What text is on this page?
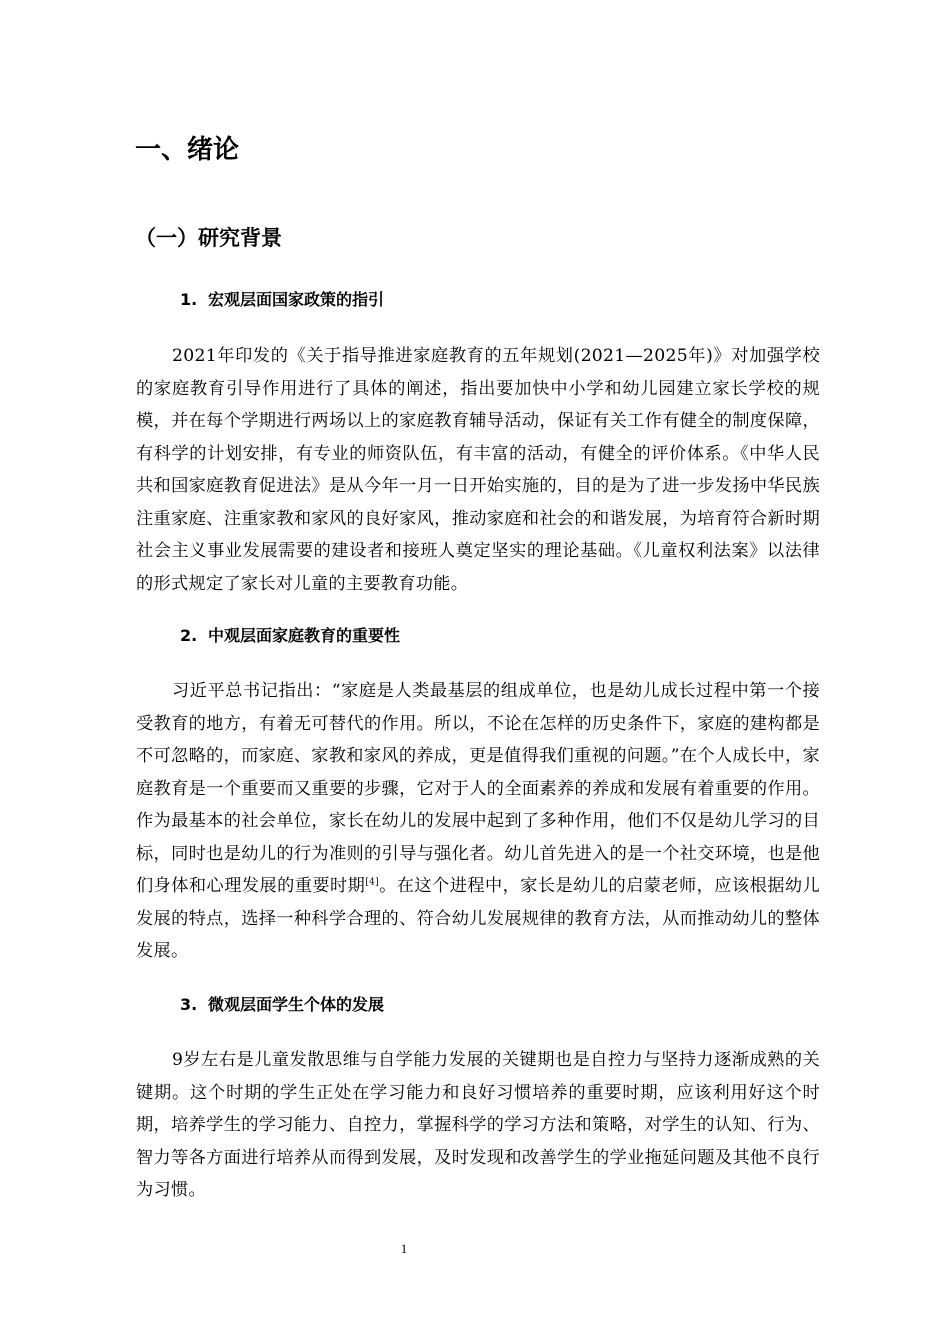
一、绪论
（一）研究背景
1. 宏观层面国家政策的指引

2021年印发的《关于指导推进家庭教育的五年规划(2021—2025年)》对加强学校的家庭教育引导作用进行了具体的阐述，指出要加快中小学和幼儿园建立家长学校的规模，并在每个学期进行两场以上的家庭教育辅导活动，保证有关工作有健全的制度保障，有科学的计划安排，有专业的师资队伍，有丰富的活动，有健全的评价体系。《中华人民共和国家庭教育促进法》是从今年一月一日开始实施的，目的是为了进一步发扬中华民族注重家庭、注重家教和家风的良好家风，推动家庭和社会的和谐发展，为培育符合新时期社会主义事业发展需要的建设者和接班人奠定坚实的理论基础。《儿童权利法案》以法律的形式规定了家长对儿童的主要教育功能。

2. 中观层面家庭教育的重要性

习近平总书记指出：“家庭是人类最基层的组成单位，也是幼儿成长过程中第一个接受教育的地方，有着无可替代的作用。所以，不论在怎样的历史条件下，家庭的建构都是不可忽略的，而家庭、家教和家风的养成，更是值得我们重视的问题。”在个人成长中，家庭教育是一个重要而又重要的步骤，它对于人的全面素养的养成和发展有着重要的作用。作为最基本的社会单位，家长在幼儿的发展中起到了多种作用，他们不仅是幼儿学习的目标，同时也是幼儿的行为准则的引导与强化者。幼儿首先进入的是一个社交环境，也是他们身体和心理发展的重要时期[4]。在这个进程中，家长是幼儿的启蒙老师，应该根据幼儿发展的特点，选择一种科学合理的、符合幼儿发展规律的教育方法，从而推动幼儿的整体发展。

3. 微观层面学生个体的发展

9岁左右是儿童发散思维与自学能力发展的关键期也是自控力与坚持力逐渐成熟的关键期。这个时期的学生正处在学习能力和良好习惯培养的重要时期，应该利用好这个时期，培养学生的学习能力、自控力，掌握科学的学习方法和策略，对学生的认知、行为、智力等各方面进行培养从而得到发展，及时发现和改善学生的学业拖延问题及其他不良行为习惯。

1
